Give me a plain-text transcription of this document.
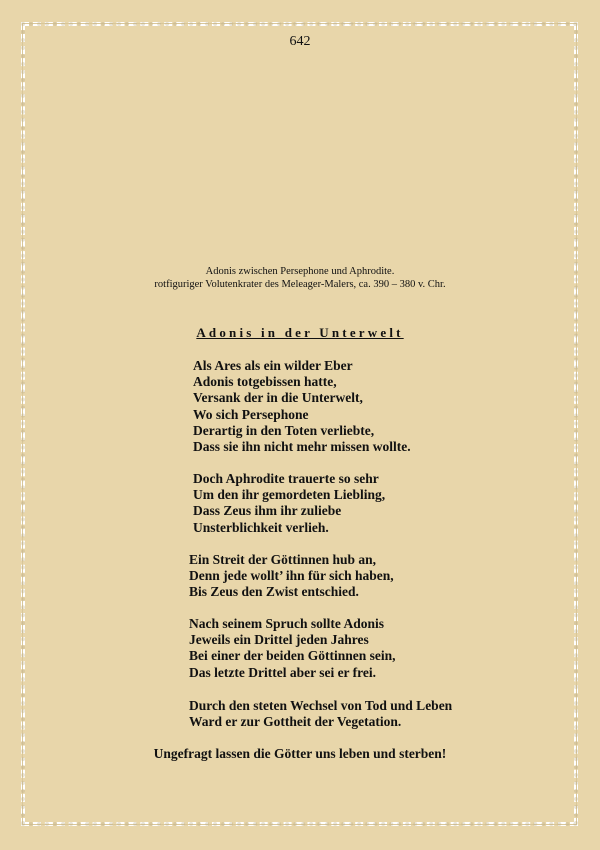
642
Adonis zwischen Persephone und Aphrodite.
rotfiguriger Volutenkrater des Meleager-Malers, ca. 390 – 380 v. Chr.
Adonis in der Unterwelt
Als Ares als ein wilder Eber
Adonis totgebissen hatte,
Versank der in die Unterwelt,
Wo sich Persephone
Derartig in den Toten verliebte,
Dass sie ihn nicht mehr missen wollte.
Doch Aphrodite trauerte so sehr
Um den ihr gemordeten Liebling,
Dass Zeus ihm ihr zuliebe
Unsterblichkeit verlieh.
Ein Streit der Göttinnen hub an,
Denn jede wollt’ ihn für sich haben,
Bis Zeus den Zwist entschied.
Nach seinem Spruch sollte Adonis
Jeweils ein Drittel jeden Jahres
Bei einer der beiden Göttinnen sein,
Das letzte Drittel aber sei er frei.
Durch den steten Wechsel von Tod und Leben
Ward er zur Gottheit der Vegetation.
Ungefragt lassen die Götter uns leben und sterben!
